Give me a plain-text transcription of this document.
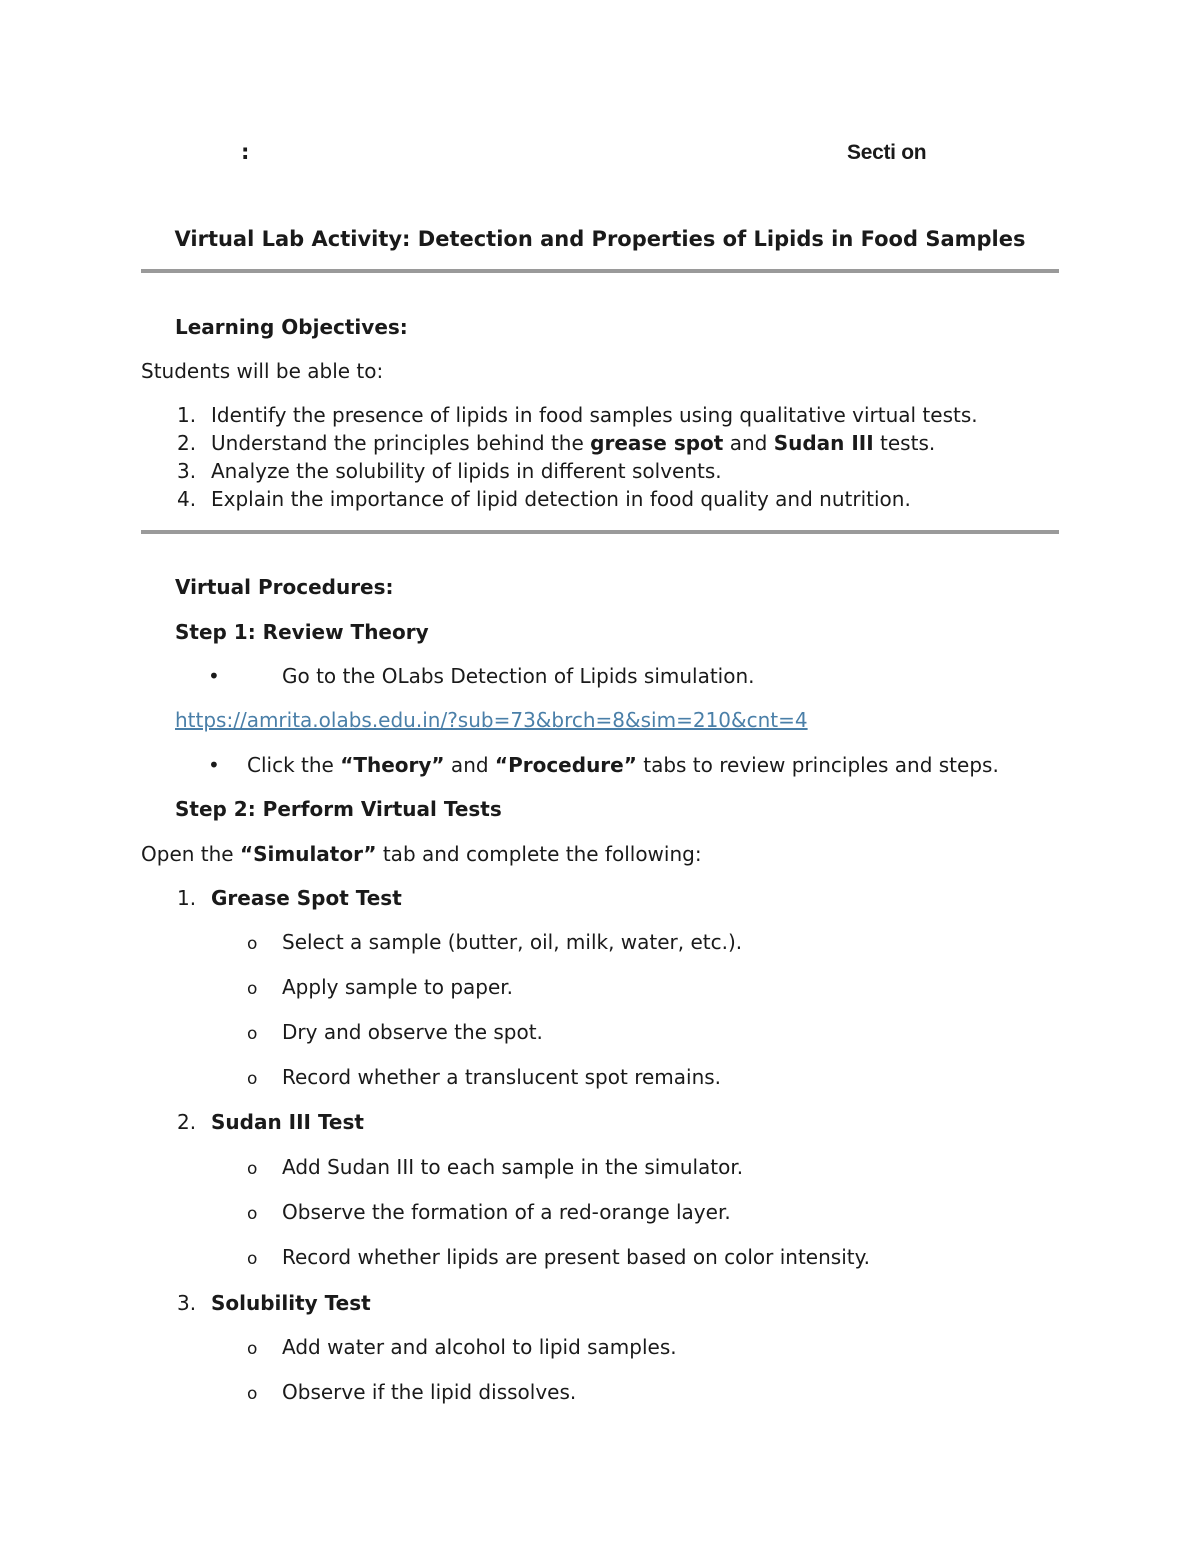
:	Secti on
Virtual Lab Activity: Detection and Properties of Lipids in Food Samples
Learning Objectives:
Students will be able to:
1. Identify the presence of lipids in food samples using qualitative virtual tests.
2. Understand the principles behind the grease spot and Sudan III tests.
3. Analyze the solubility of lipids in different solvents.
4. Explain the importance of lipid detection in food quality and nutrition.
Virtual Procedures:
Step 1: Review Theory
•	Go to the OLabs Detection of Lipids simulation.
https://amrita.olabs.edu.in/?sub=73&brch=8&sim=210&cnt=4
• Click the “Theory” and “Procedure” tabs to review principles and steps.
Step 2: Perform Virtual Tests
Open the “Simulator” tab and complete the following:
1. Grease Spot Test
o Select a sample (butter, oil, milk, water, etc.).
o Apply sample to paper.
o Dry and observe the spot.
o Record whether a translucent spot remains.
2. Sudan III Test
o Add Sudan III to each sample in the simulator.
o Observe the formation of a red-orange layer.
o Record whether lipids are present based on color intensity.
3. Solubility Test
o Add water and alcohol to lipid samples.
o Observe if the lipid dissolves.
